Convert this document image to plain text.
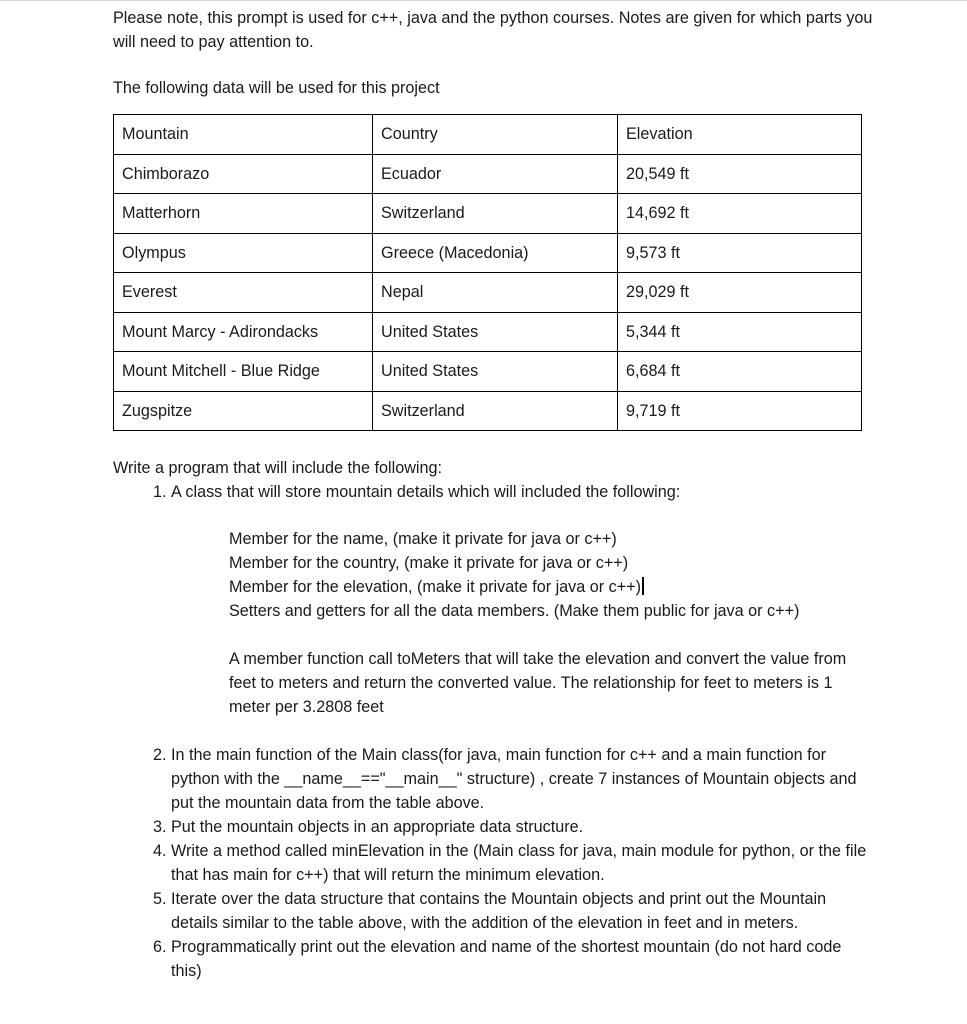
Please note, this prompt is used for c++, java and the python courses. Notes are given for which parts you will need to pay attention to.

The following data will be used for this project

Mountain	Country	Elevation
Chimborazo	Ecuador	20,549 ft
Matterhorn	Switzerland	14,692 ft
Olympus	Greece (Macedonia)	9,573 ft
Everest	Nepal	29,029 ft
Mount Marcy - Adirondacks	United States	5,344 ft
Mount Mitchell - Blue Ridge	United States	6,684 ft
Zugspitze	Switzerland	9,719 ft

Write a program that will include the following:

1. A class that will store mountain details which will included the following:

Member for the name, (make it private for java or c++)

Member for the country, (make it private for java or c++)

Member for the elevation, (make it private for java or c++)

Setters and getters for all the data members. (Make them public for java or c++)

A member function call toMeters that will take the elevation and convert the value from feet to meters and return the converted value. The relationship for feet to meters is 1 meter per 3.2808 feet

2. In the main function of the Main class(for java, main function for c++ and a main function for python with the __name__=="__main__" structure) , create 7 instances of Mountain objects and put the mountain data from the table above.
3. Put the mountain objects in an appropriate data structure.
4. Write a method called minElevation in the (Main class for java, main module for python, or the file that has main for c++) that will return the minimum elevation.
5. Iterate over the data structure that contains the Mountain objects and print out the Mountain details similar to the table above, with the addition of the elevation in feet and in meters.
6. Programmatically print out the elevation and name of the shortest mountain (do not hard code this)
